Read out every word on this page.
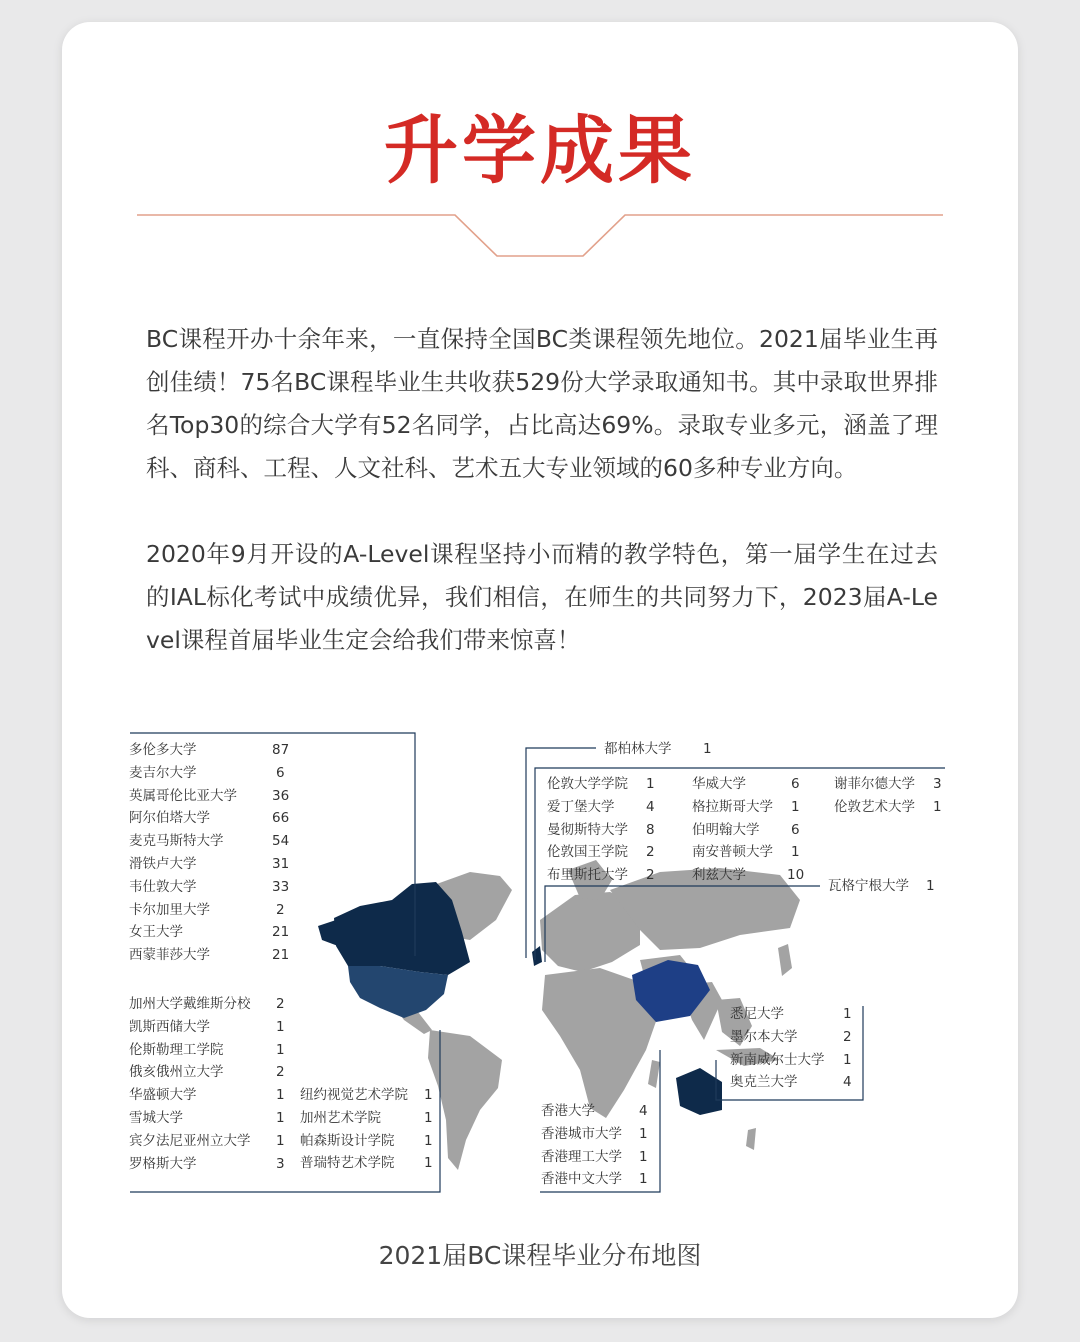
升学成果

BC课程开办十余年来，一直保持全国BC类课程领先地位。2021届毕业生再创佳绩！75名BC课程毕业生共收获529份大学录取通知书。其中录取世界排名Top30的综合大学有52名同学，占比高达69%。录取专业多元，涵盖了理科、商科、工程、人文社科、艺术五大专业领域的60多种专业方向。

2020年9月开设的A-Level课程坚持小而精的教学特色，第一届学生在过去的IAL标化考试中成绩优异，我们相信，在师生的共同努力下，2023届A-Level课程首届毕业生定会给我们带来惊喜！

多伦多大学	87
麦吉尔大学	6
英属哥伦比亚大学	36
阿尔伯塔大学	66
麦克马斯特大学	54
滑铁卢大学	31
韦仕敦大学	33
卡尔加里大学	2
女王大学	21
西蒙菲莎大学	21
加州大学戴维斯分校 2
凯斯西储大学	1
伦斯勒理工学院	1
俄亥俄州立大学	2
华盛顿大学	1
雪城大学	1
宾夕法尼亚州立大学 1
罗格斯大学	3
纽约视觉艺术学院 1
加州艺术学院	1
帕森斯设计学院 1
普瑞特艺术学院 1
都柏林大学 1
伦敦大学学院 1
爱丁堡大学 4
曼彻斯特大学 8
伦敦国王学院 2
布里斯托大学 2
华威大学	6
格拉斯哥大学 1
伯明翰大学 6
南安普顿大学 1
利兹大学	10
谢菲尔德大学 3
伦敦艺术大学 1
瓦格宁根大学 1
悉尼大学	1
墨尔本大学	2
新南威尔士大学 1
奥克兰大学	4
香港大学	4
香港城市大学 1
香港理工大学 1
香港中文大学 1
2021届BC课程毕业分布地图
